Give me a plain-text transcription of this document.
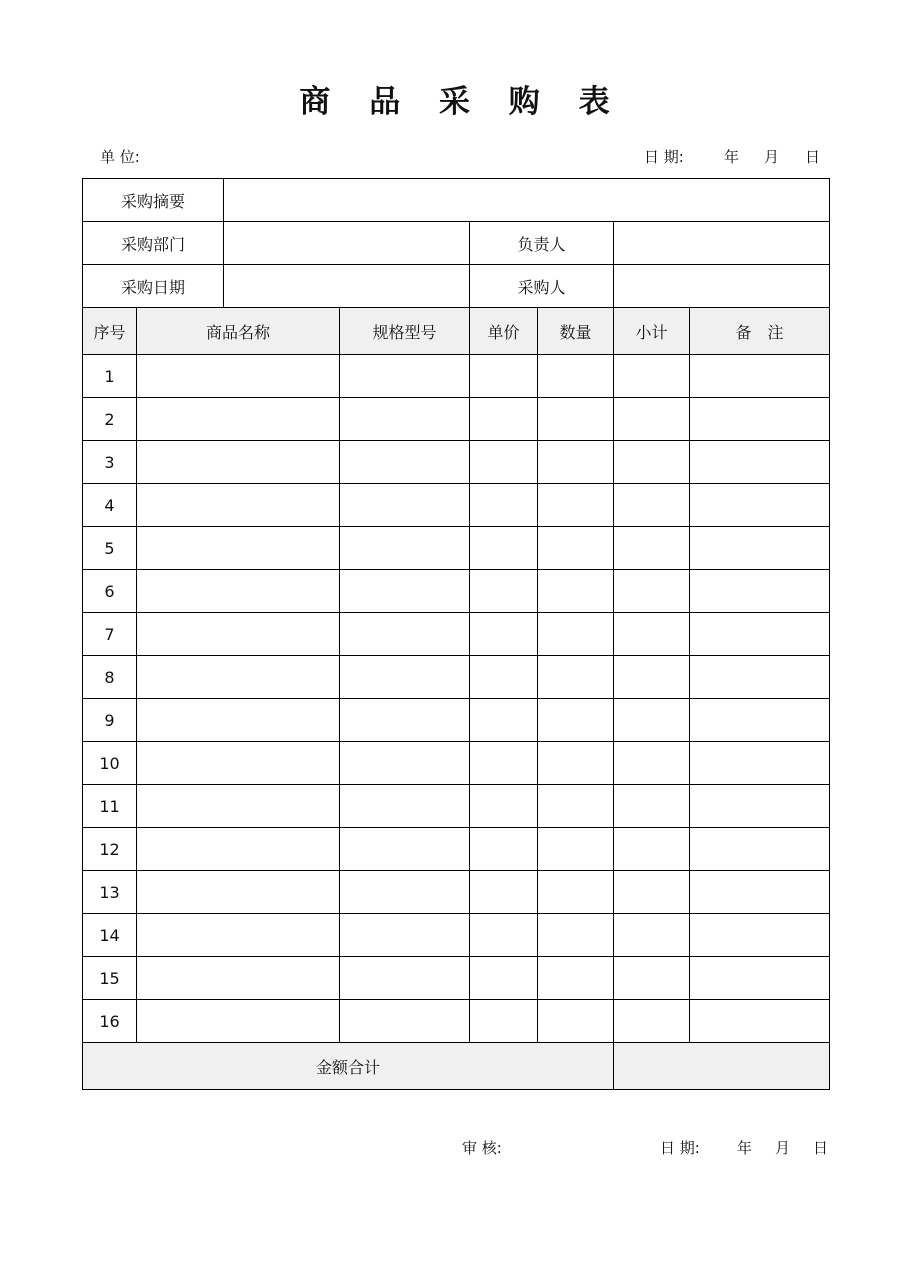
商 品 采 购 表
单 位:	日 期:	年 月 日
采购摘要							
采购部门				负责人			
采购日期				采购人			
序号	商品名称		规格型号	单价	数量	小计	备　注
1							
2							
3							
4							
5							
6							
7							
8							
9							
10							
11							
12							
13							
14							
15							
16							
金额合计							
审 核:	日 期: 年 月 日
